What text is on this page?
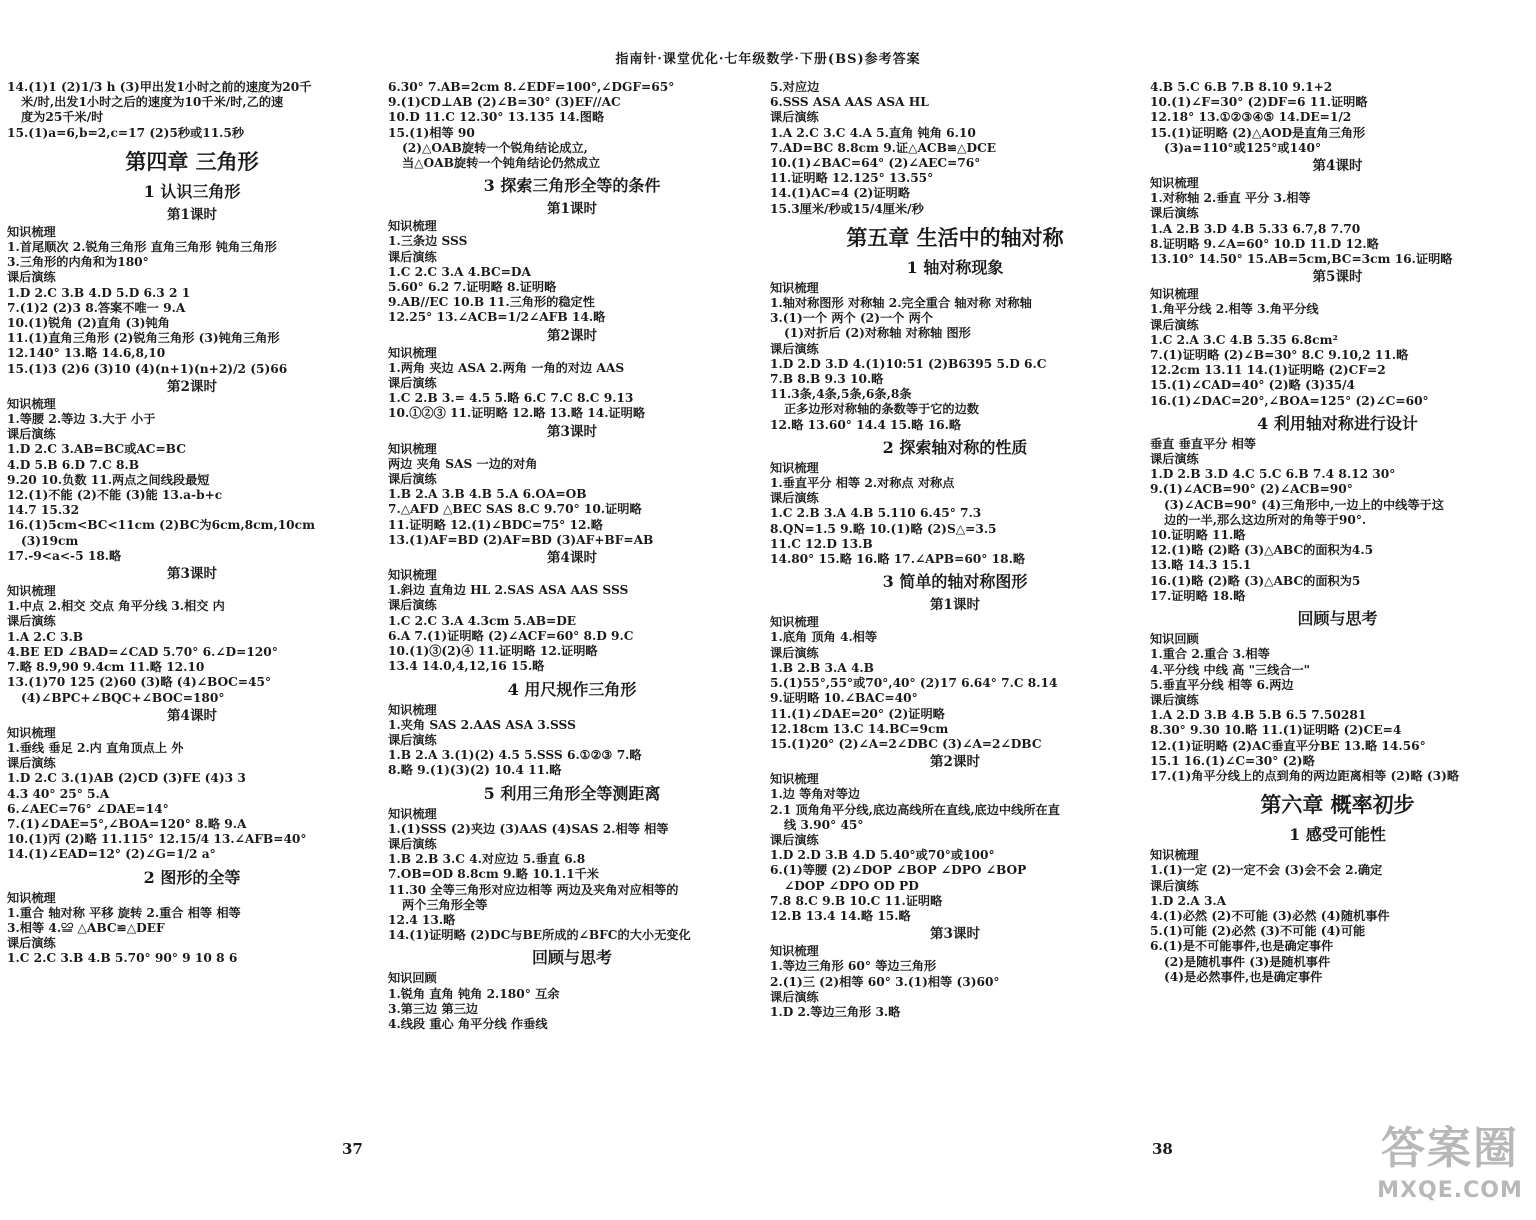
指南针·课堂优化·七年级数学·下册(BS)参考答案
14.(1)1 (2)1/3 h (3)甲出发1小时之前的速度为20千
米/时,出发1小时之后的速度为10千米/时,乙的速
度为25千米/时
15.(1)a=6,b=2,c=17 (2)5秒或11.5秒
第四章 三角形
1 认识三角形
第1课时
知识梳理
1.首尾顺次 2.锐角三角形 直角三角形 钝角三角形
3.三角形的内角和为180°
课后演练
1.D 2.C 3.B 4.D 5.D 6.3 2 1
7.(1)2 (2)3 8.答案不唯一 9.A
10.(1)锐角 (2)直角 (3)钝角
11.(1)直角三角形 (2)锐角三角形 (3)钝角三角形
12.140° 13.略 14.6,8,10
15.(1)3 (2)6 (3)10 (4)(n+1)(n+2)/2 (5)66
第2课时
知识梳理
1.等腰 2.等边 3.大于 小于
课后演练
1.D 2.C 3.AB=BC或AC=BC
4.D 5.B 6.D 7.C 8.B
9.20 10.负数 11.两点之间线段最短
12.(1)不能 (2)不能 (3)能 13.a-b+c
14.7 15.32
16.(1)5cm<BC<11cm (2)BC为6cm,8cm,10cm
(3)19cm
17.-9<a<-5 18.略
第3课时
知识梳理
1.中点 2.相交 交点 角平分线 3.相交 内
课后演练
1.A 2.C 3.B
4.BE ED ∠BAD=∠CAD 5.70° 6.∠D=120°
7.略 8.9,90 9.4cm 11.略 12.10
13.(1)70 125 (2)60 (3)略 (4)∠BOC=45°
(4)∠BPC+∠BQC+∠BOC=180°
第4课时
知识梳理
1.垂线 垂足 2.内 直角顶点上 外
课后演练
1.D 2.C 3.(1)AB (2)CD (3)FE (4)3 3
4.3 40° 25° 5.A
6.∠AEC=76° ∠DAE=14°
7.(1)∠DAE=5°,∠BOA=120° 8.略 9.A
10.(1)丙 (2)略 11.115° 12.15/4 13.∠AFB=40°
14.(1)∠EAD=12° (2)∠G=1/2 a°
2 图形的全等
知识梳理
1.重合 轴对称 平移 旋转 2.重合 相等 相等
3.相等 4.≌ △ABC≌△DEF
课后演练
1.C 2.C 3.B 4.B 5.70° 90° 9 10 8 6
6.30° 7.AB=2cm 8.∠EDF=100°,∠DGF=65°
9.(1)CD⊥AB (2)∠B=30° (3)EF//AC
10.D 11.C 12.30° 13.135 14.图略
15.(1)相等 90
(2)△OAB旋转一个锐角结论成立,
当△OAB旋转一个钝角结论仍然成立
3 探索三角形全等的条件
第1课时
知识梳理
1.三条边 SSS
课后演练
1.C 2.C 3.A 4.BC=DA
5.60° 6.2 7.证明略 8.证明略
9.AB//EC 10.B 11.三角形的稳定性
12.25° 13.∠ACB=1/2∠AFB 14.略
第2课时
知识梳理
1.两角 夹边 ASA 2.两角 一角的对边 AAS
课后演练
1.C 2.B 3.= 4.5 5.略 6.C 7.C 8.C 9.13
10.①②③ 11.证明略 12.略 13.略 14.证明略
第3课时
知识梳理
两边 夹角 SAS 一边的对角
课后演练
1.B 2.A 3.B 4.B 5.A 6.OA=OB
7.△AFD △BEC SAS 8.C 9.70° 10.证明略
11.证明略 12.(1)∠BDC=75° 12.略
13.(1)AF=BD (2)AF=BD (3)AF+BF=AB
第4课时
知识梳理
1.斜边 直角边 HL 2.SAS ASA AAS SSS
课后演练
1.C 2.C 3.A 4.3cm 5.AB=DE
6.A 7.(1)证明略 (2)∠ACF=60° 8.D 9.C
10.(1)③(2)④ 11.证明略 12.证明略
13.4 14.0,4,12,16 15.略
4 用尺规作三角形
知识梳理
1.夹角 SAS 2.AAS ASA 3.SSS
课后演练
1.B 2.A 3.(1)(2) 4.5 5.SSS 6.①②③ 7.略
8.略 9.(1)(3)(2) 10.4 11.略
5 利用三角形全等测距离
知识梳理
1.(1)SSS (2)夹边 (3)AAS (4)SAS 2.相等 相等
课后演练
1.B 2.B 3.C 4.对应边 5.垂直 6.8
7.OB=OD 8.8cm 9.略 10.1.1千米
11.30 全等三角形对应边相等 两边及夹角对应相等的
两个三角形全等
12.4 13.略
14.(1)证明略 (2)DC与BE所成的∠BFC的大小无变化
回顾与思考
知识回顾
1.锐角 直角 钝角 2.180° 互余
3.第三边 第三边
4.线段 重心 角平分线 作垂线
5.对应边
6.SSS ASA AAS ASA HL
课后演练
1.A 2.C 3.C 4.A 5.直角 钝角 6.10
7.AD=BC 8.8cm 9.证△ACB≌△DCE
10.(1)∠BAC=64° (2)∠AEC=76°
11.证明略 12.125° 13.55°
14.(1)AC=4 (2)证明略
15.3厘米/秒或15/4厘米/秒
第五章 生活中的轴对称
1 轴对称现象
知识梳理
1.轴对称图形 对称轴 2.完全重合 轴对称 对称轴
3.(1)一个 两个 (2)一个 两个
(1)对折后 (2)对称轴 对称轴 图形
课后演练
1.D 2.D 3.D 4.(1)10:51 (2)B6395 5.D 6.C
7.B 8.B 9.3 10.略
11.3条,4条,5条,6条,8条
正多边形对称轴的条数等于它的边数
12.略 13.60° 14.4 15.略 16.略
2 探索轴对称的性质
知识梳理
1.垂直平分 相等 2.对称点 对称点
课后演练
1.C 2.B 3.A 4.B 5.110 6.45° 7.3
8.QN=1.5 9.略 10.(1)略 (2)S△=3.5
11.C 12.D 13.B
14.80° 15.略 16.略 17.∠APB=60° 18.略
3 简单的轴对称图形
第1课时
知识梳理
1.底角 顶角 4.相等
课后演练
1.B 2.B 3.A 4.B
5.(1)55°,55°或70°,40° (2)17 6.64° 7.C 8.14
9.证明略 10.∠BAC=40°
11.(1)∠DAE=20° (2)证明略
12.18cm 13.C 14.BC=9cm
15.(1)20° (2)∠A=2∠DBC (3)∠A=2∠DBC
第2课时
知识梳理
1.边 等角对等边
2.1 顶角角平分线,底边高线所在直线,底边中线所在直
线 3.90° 45°
课后演练
1.D 2.D 3.B 4.D 5.40°或70°或100°
6.(1)等腰 (2)∠DOP ∠BOP ∠DPO ∠BOP
∠DOP ∠DPO OD PD
7.8 8.C 9.B 10.C 11.证明略
12.B 13.4 14.略 15.略
第3课时
知识梳理
1.等边三角形 60° 等边三角形
2.(1)三 (2)相等 60° 3.(1)相等 (3)60°
课后演练
1.D 2.等边三角形 3.略
4.B 5.C 6.B 7.B 8.10 9.1+2
10.(1)∠F=30° (2)DF=6 11.证明略
12.18° 13.①②③④⑤ 14.DE=1/2
15.(1)证明略 (2)△AOD是直角三角形
(3)a=110°或125°或140°
第4课时
知识梳理
1.对称轴 2.垂直 平分 3.相等
课后演练
1.A 2.B 3.D 4.B 5.33 6.7,8 7.70
8.证明略 9.∠A=60° 10.D 11.D 12.略
13.10° 14.50° 15.AB=5cm,BC=3cm 16.证明略
第5课时
知识梳理
1.角平分线 2.相等 3.角平分线
课后演练
1.C 2.A 3.C 4.B 5.35 6.8cm²
7.(1)证明略 (2)∠B=30° 8.C 9.10,2 11.略
12.2cm 13.11 14.(1)证明略 (2)CF=2
15.(1)∠CAD=40° (2)略 (3)35/4
16.(1)∠DAC=20°,∠BOA=125° (2)∠C=60°
4 利用轴对称进行设计
垂直 垂直平分 相等
课后演练
1.D 2.B 3.D 4.C 5.C 6.B 7.4 8.12 30°
9.(1)∠ACB=90° (2)∠ACB=90°
(3)∠ACB=90° (4)三角形中,一边上的中线等于这
边的一半,那么这边所对的角等于90°.
10.证明略 11.略
12.(1)略 (2)略 (3)△ABC的面积为4.5
13.略 14.3 15.1
16.(1)略 (2)略 (3)△ABC的面积为5
17.证明略 18.略
回顾与思考
知识回顾
1.重合 2.重合 3.相等
4.平分线 中线 高 "三线合一"
5.垂直平分线 相等 6.两边
课后演练
1.A 2.D 3.B 4.B 5.B 6.5 7.50281
8.30° 9.30 10.略 11.(1)证明略 (2)CE=4
12.(1)证明略 (2)AC垂直平分BE 13.略 14.56°
15.1 16.(1)∠C=30° (2)略
17.(1)角平分线上的点到角的两边距离相等 (2)略 (3)略
第六章 概率初步
1 感受可能性
知识梳理
1.(1)一定 (2)一定不会 (3)会不会 2.确定
课后演练
1.D 2.A 3.A
4.(1)必然 (2)不可能 (3)必然 (4)随机事件
5.(1)可能 (2)必然 (3)不可能 (4)可能
6.(1)是不可能事件,也是确定事件
(2)是随机事件 (3)是随机事件
(4)是必然事件,也是确定事件
37	38	答案圈
MXQE.COM
